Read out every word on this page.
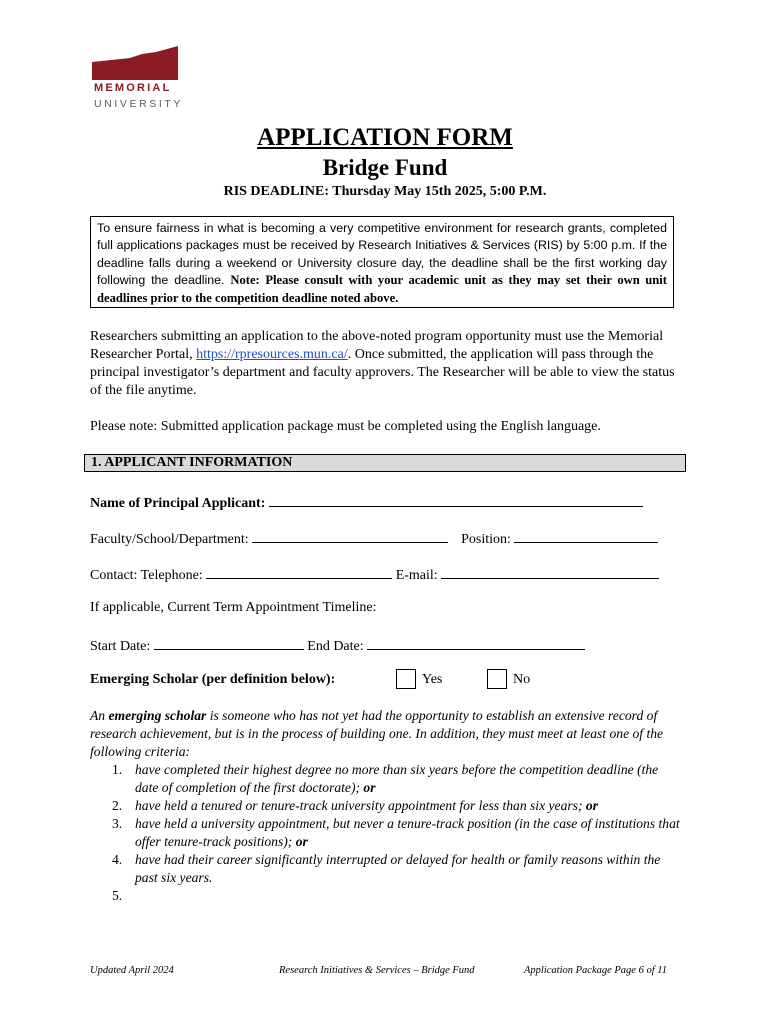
MEMORIAL
UNIVERSITY
APPLICATION FORM
Bridge Fund
RIS DEADLINE: Thursday May 15th 2025, 5:00 P.M.
To ensure fairness in what is becoming a very competitive environment for research grants, completed full applications packages must be received by Research Initiatives & Services (RIS) by 5:00 p.m. If the deadline falls during a weekend or University closure day, the deadline shall be the first working day following the deadline. Note: Please consult with your academic unit as they may set their own unit deadlines prior to the competition deadline noted above.
Researchers submitting an application to the above-noted program opportunity must use the Memorial Researcher Portal, https://rpresources.mun.ca/. Once submitted, the application will pass through the principal investigator’s department and faculty approvers. The Researcher will be able to view the status of the file anytime.
Please note: Submitted application package must be completed using the English language.
1. APPLICANT INFORMATION
Name of Principal Applicant:
Faculty/School/Department:	Position:
Contact: Telephone:	E-mail:
If applicable, Current Term Appointment Timeline:
Start Date:	End Date:
Emerging Scholar (per definition below):	Yes	No
An emerging scholar is someone who has not yet had the opportunity to establish an extensive record of research achievement, but is in the process of building one. In addition, they must meet at least one of the following criteria:
1. have completed their highest degree no more than six years before the competition deadline (the date of completion of the first doctorate); or
2. have held a tenured or tenure-track university appointment for less than six years; or
3. have held a university appointment, but never a tenure-track position (in the case of institutions that offer tenure-track positions); or
4. have had their career significantly interrupted or delayed for health or family reasons within the past six years.
5.
Updated April 2024	Research Initiatives & Services – Bridge Fund	Application Package Page 6 of 11
